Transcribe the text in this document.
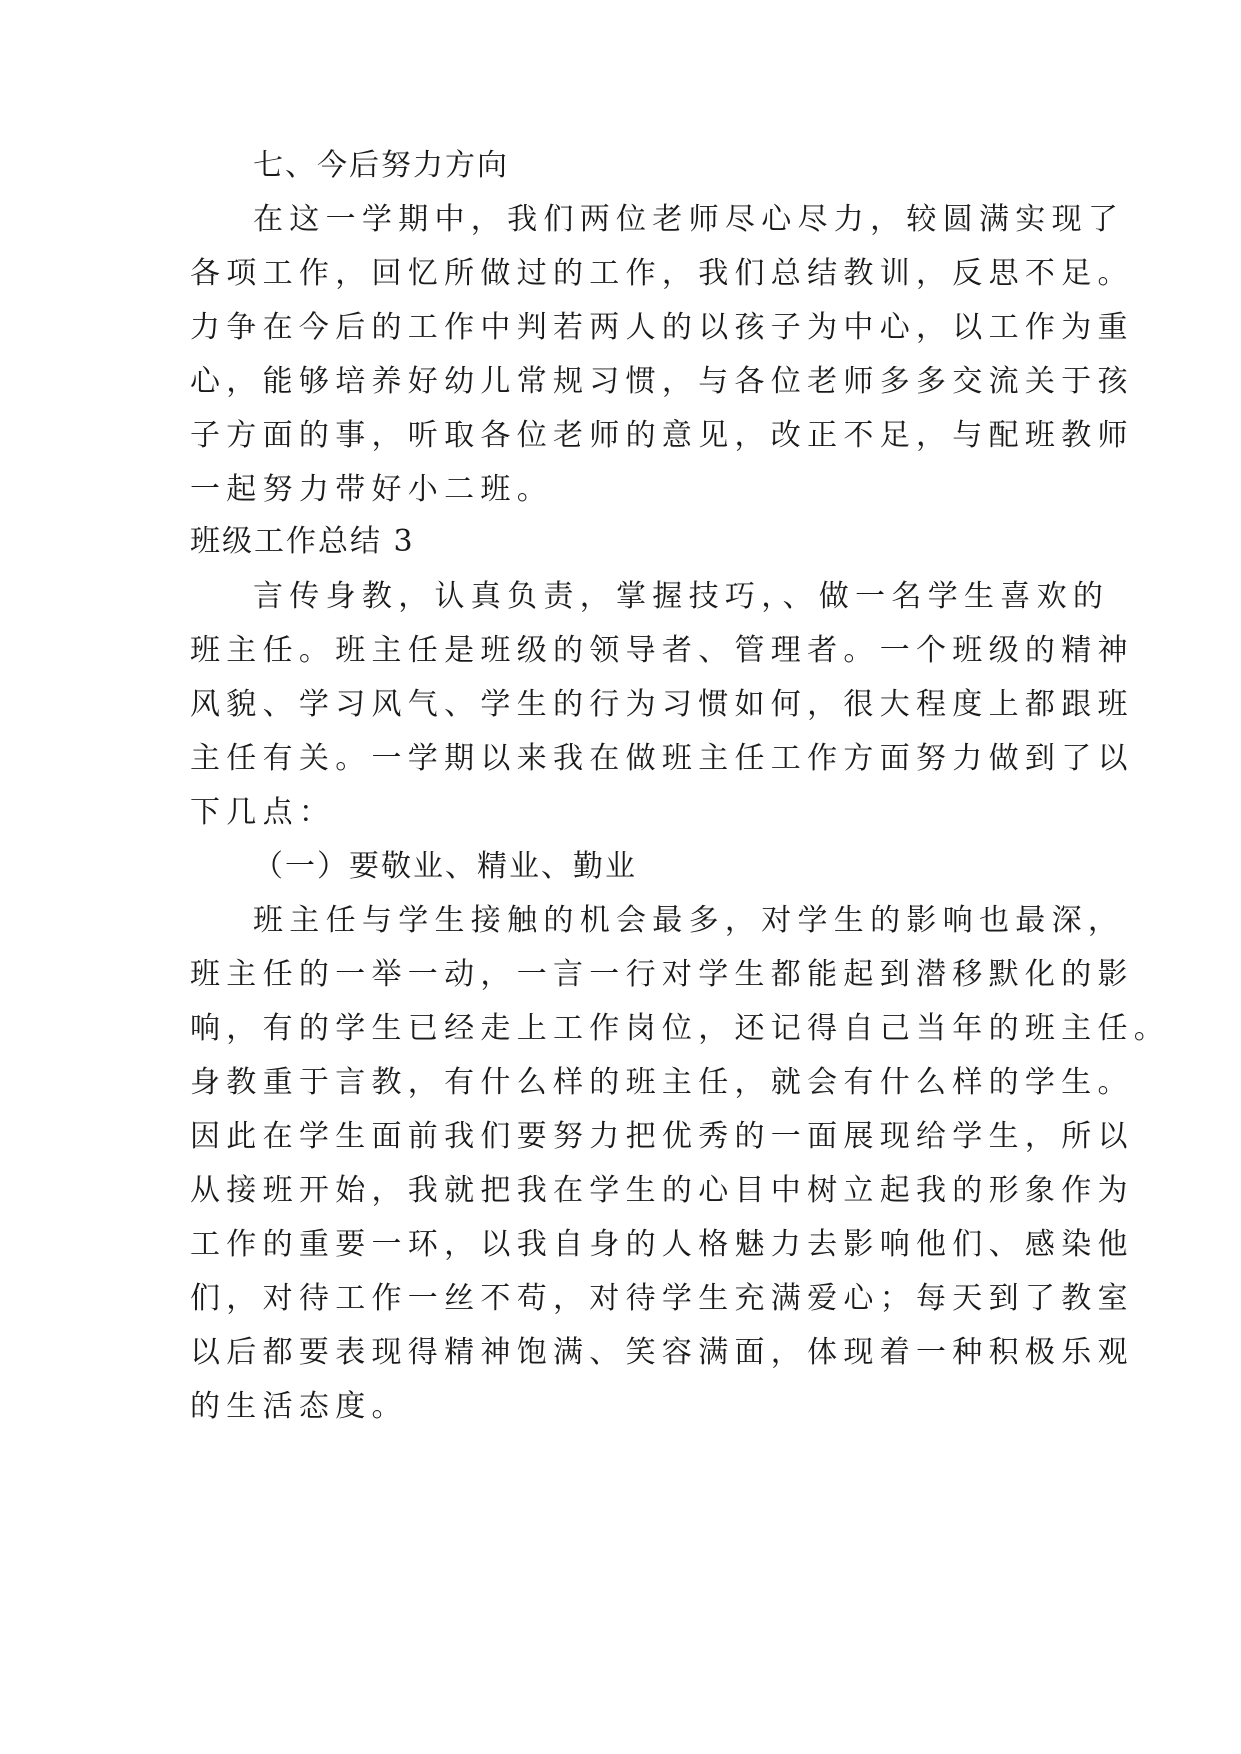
七、今后努力方向
在这一学期中，我们两位老师尽心尽力，较圆满实现了
各项工作，回忆所做过的工作，我们总结教训，反思不足。
力争在今后的工作中判若两人的以孩子为中心，以工作为重
心，能够培养好幼儿常规习惯，与各位老师多多交流关于孩
子方面的事，听取各位老师的意见，改正不足，与配班教师
一起努力带好小二班。
班级工作总结 3
言传身教，认真负责，掌握技巧，、做一名学生喜欢的
班主任。班主任是班级的领导者、管理者。一个班级的精神
风貌、学习风气、学生的行为习惯如何，很大程度上都跟班
主任有关。一学期以来我在做班主任工作方面努力做到了以
下几点：
（一）要敬业、精业、勤业
班主任与学生接触的机会最多，对学生的影响也最深，
班主任的一举一动，一言一行对学生都能起到潜移默化的影
响，有的学生已经走上工作岗位，还记得自己当年的班主任。
身教重于言教，有什么样的班主任，就会有什么样的学生。
因此在学生面前我们要努力把优秀的一面展现给学生，所以
从接班开始，我就把我在学生的心目中树立起我的形象作为
工作的重要一环，以我自身的人格魅力去影响他们、感染他
们，对待工作一丝不苟，对待学生充满爱心；每天到了教室
以后都要表现得精神饱满、笑容满面，体现着一种积极乐观
的生活态度。
